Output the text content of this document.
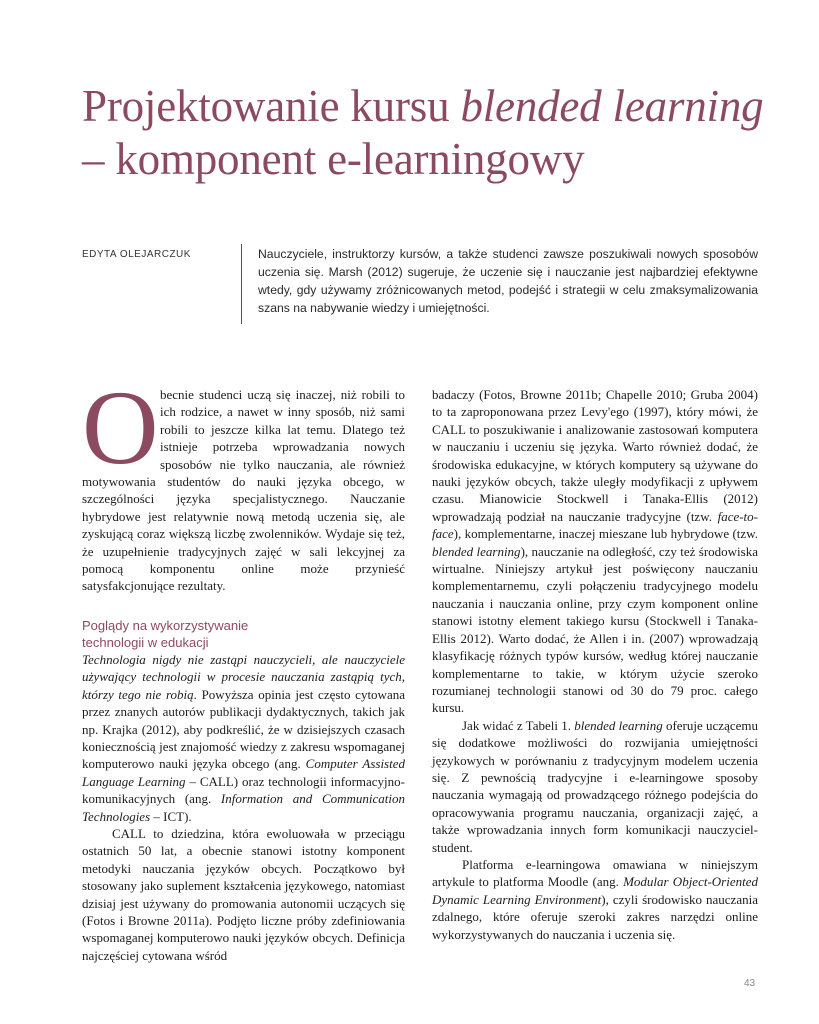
Projektowanie kursu blended learning
– komponent e-learningowy
EDYTA OLEJARCZUK	Nauczyciele, instruktorzy kursów, a także studenci zawsze poszukiwali nowych sposobów uczenia się. Marsh (2012) sugeruje, że uczenie się i nauczanie jest najbardziej efektywne wtedy, gdy używamy zróżnicowanych metod, podejść i strategii w celu zmaksymalizowania szans na nabywanie wiedzy i umiejętności.

Obecnie studenci uczą się inaczej, niż robili to ich rodzice, a nawet w inny sposób, niż sami robili to jeszcze kilka lat temu. Dlatego też istnieje potrzeba wprowadzania nowych sposobów nie tylko nauczania, ale również motywowania studentów do nauki języka obcego, w szczególności języka specjalistycznego. Nauczanie hybrydowe jest relatywnie nową metodą uczenia się, ale zyskującą coraz większą liczbę zwolenników. Wydaje się też, że uzupełnienie tradycyjnych zajęć w sali lekcyjnej za pomocą komponentu online może przynieść satysfakcjonujące rezultaty.

Poglądy na wykorzystywanie
technologii w edukacji

Technologia nigdy nie zastąpi nauczycieli, ale nauczyciele używający technologii w procesie nauczania zastąpią tych, którzy tego nie robią. Powyższa opinia jest często cytowana przez znanych autorów publikacji dydaktycznych, takich jak np. Krajka (2012), aby podkreślić, że w dzisiejszych czasach koniecznością jest znajomość wiedzy z zakresu wspomaganej komputerowo nauki języka obcego (ang. Computer Assisted Language Learning – CALL) oraz technologii informacyjno-komunikacyjnych (ang. Information and Communication Technologies – ICT).

CALL to dziedzina, która ewoluowała w przeciągu ostatnich 50 lat, a obecnie stanowi istotny komponent metodyki nauczania języków obcych. Początkowo był stosowany jako suplement kształcenia językowego, natomiast dzisiaj jest używany do promowania autonomii uczących się (Fotos i Browne 2011a). Podjęto liczne próby zdefiniowania wspomaganej komputerowo nauki języków obcych. Definicja najczęściej cytowana wśród

badaczy (Fotos, Browne 2011b; Chapelle 2010; Gruba 2004) to ta zaproponowana przez Levy'ego (1997), który mówi, że CALL to poszukiwanie i analizowanie zastosowań komputera w nauczaniu i uczeniu się języka. Warto również dodać, że środowiska edukacyjne, w których komputery są używane do nauki języków obcych, także uległy modyfikacji z upływem czasu. Mianowicie Stockwell i Tanaka-Ellis (2012) wprowadzają podział na nauczanie tradycyjne (tzw. face-to-face), komplementarne, inaczej mieszane lub hybrydowe (tzw. blended learning), nauczanie na odległość, czy też środowiska wirtualne. Niniejszy artykuł jest poświęcony nauczaniu komplementarnemu, czyli połączeniu tradycyjnego modelu nauczania i nauczania online, przy czym komponent online stanowi istotny element takiego kursu (Stockwell i Tanaka-Ellis 2012). Warto dodać, że Allen i in. (2007) wprowadzają klasyfikację różnych typów kursów, według której nauczanie komplementarne to takie, w którym użycie szeroko rozumianej technologii stanowi od 30 do 79 proc. całego kursu.

Jak widać z Tabeli 1. blended learning oferuje uczącemu się dodatkowe możliwości do rozwijania umiejętności językowych w porównaniu z tradycyjnym modelem uczenia się. Z pewnością tradycyjne i e-learningowe sposoby nauczania wymagają od prowadzącego różnego podejścia do opracowywania programu nauczania, organizacji zajęć, a także wprowadzania innych form komunikacji nauczyciel-student.

Platforma e-learningowa omawiana w niniejszym artykule to platforma Moodle (ang. Modular Object-Oriented Dynamic Learning Environment), czyli środowisko nauczania zdalnego, które oferuje szeroki zakres narzędzi online wykorzystywanych do nauczania i uczenia się.

43
